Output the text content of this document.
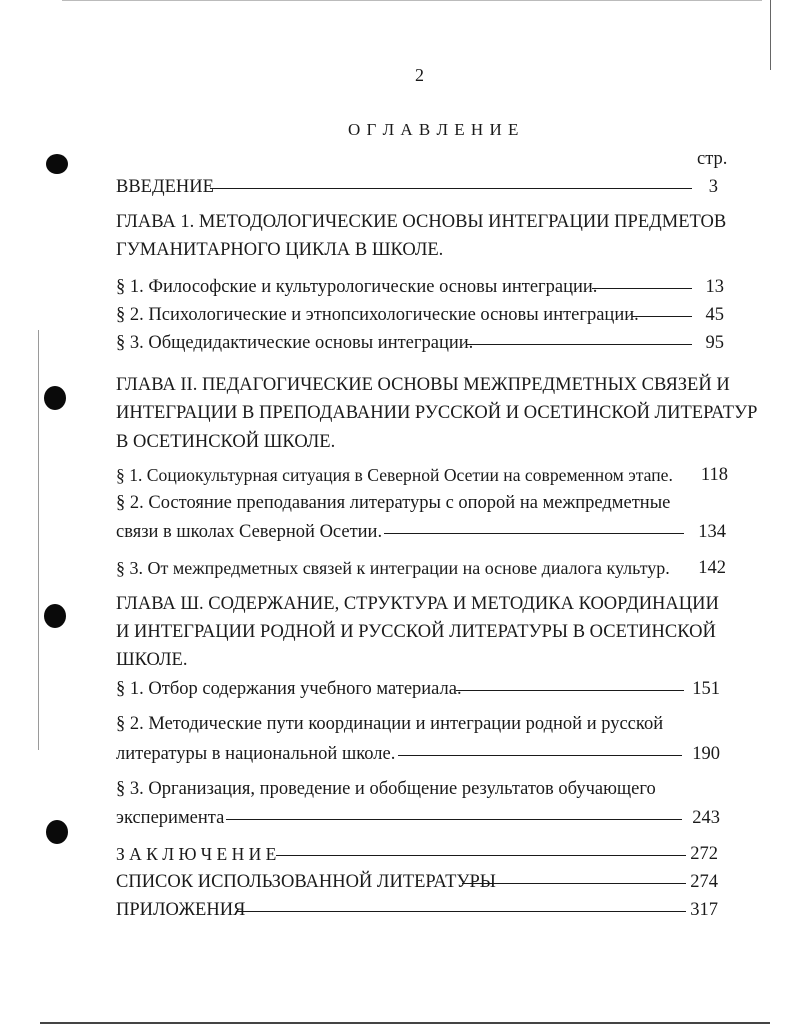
2
О Г Л А В Л Е Н И Е
стр.
ВВЕДЕНИЕ	3
ГЛАВА 1. МЕТОДОЛОГИЧЕСКИЕ ОСНОВЫ ИНТЕГРАЦИИ ПРЕДМЕТОВ
ГУМАНИТАРНОГО ЦИКЛА В ШКОЛЕ.
§ 1. Философские и культурологические основы интеграции.	13
§ 2. Психологические и этнопсихологические основы интеграции.	45
§ 3. Общедидактические основы интеграции.	95
ГЛАВА II. ПЕДАГОГИЧЕСКИЕ ОСНОВЫ МЕЖПРЕДМЕТНЫХ СВЯЗЕЙ И
ИНТЕГРАЦИИ В ПРЕПОДАВАНИИ РУССКОЙ И ОСЕТИНСКОЙ ЛИТЕРАТУР
В ОСЕТИНСКОЙ ШКОЛЕ.
§ 1. Социокультурная ситуация в Северной Осетии на современном этапе. 118
§ 2. Состояние преподавания литературы с опорой на межпредметные
связи в школах Северной Осетии.	134
§ 3. От межпредметных связей к интеграции на основе диалога культур. 142
ГЛАВА Ш. СОДЕРЖАНИЕ, СТРУКТУРА И МЕТОДИКА КООРДИНАЦИИ
И ИНТЕГРАЦИИ РОДНОЙ И РУССКОЙ ЛИТЕРАТУРЫ В ОСЕТИНСКОЙ
ШКОЛЕ.
§ 1. Отбор содержания учебного материала.	151
§ 2. Методические пути координации и интеграции родной и русской
литературы в национальной школе.	190
§ 3. Организация, проведение и обобщение результатов обучающего
эксперимента	243
З А К Л Ю Ч Е Н И Е	272
СПИСОК ИСПОЛЬЗОВАННОЙ ЛИТЕРАТУРЫ	274
ПРИЛОЖЕНИЯ	317
